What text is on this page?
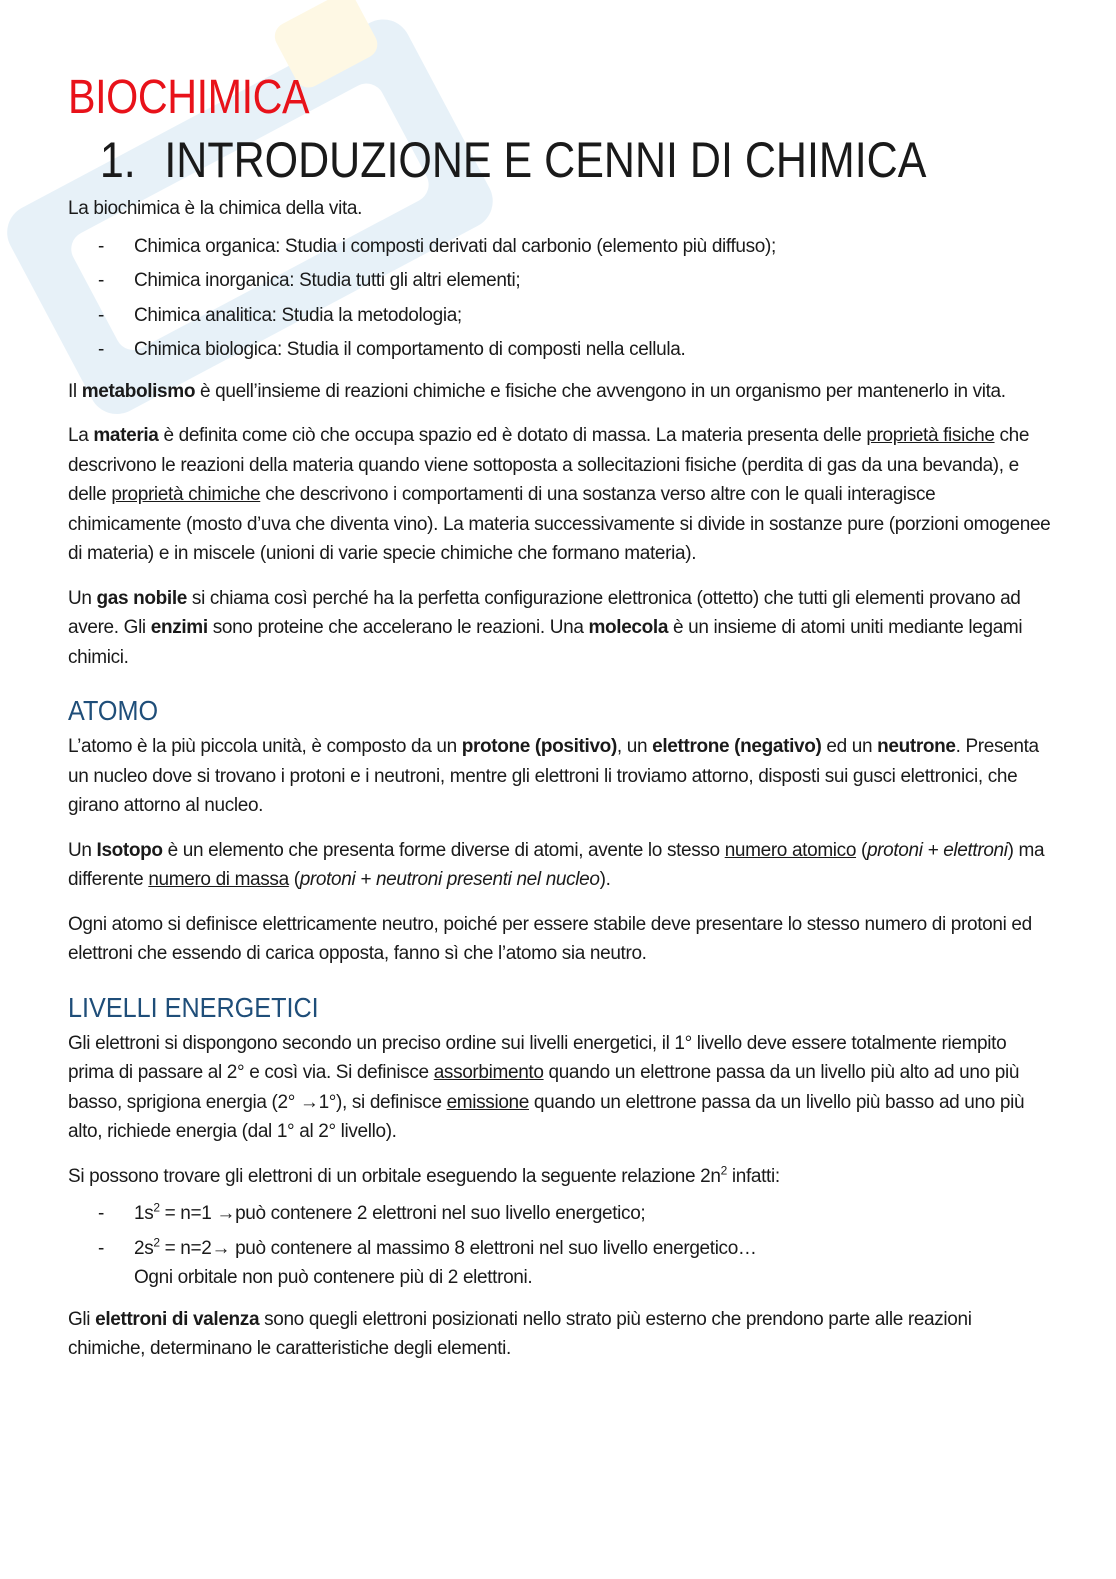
BIOCHIMICA
1. INTRODUZIONE E CENNI DI CHIMICA

La biochimica è la chimica della vita.

- Chimica organica: Studia i composti derivati dal carbonio (elemento più diffuso);
- Chimica inorganica: Studia tutti gli altri elementi;
- Chimica analitica: Studia la metodologia;
- Chimica biologica: Studia il comportamento di composti nella cellula.

Il metabolismo è quell’insieme di reazioni chimiche e fisiche che avvengono in un organismo per mantenerlo in vita.

La materia è definita come ciò che occupa spazio ed è dotato di massa. La materia presenta delle proprietà fisiche che descrivono le reazioni della materia quando viene sottoposta a sollecitazioni fisiche (perdita di gas da una bevanda), e delle proprietà chimiche che descrivono i comportamenti di una sostanza verso altre con le quali interagisce chimicamente (mosto d’uva che diventa vino). La materia successivamente si divide in sostanze pure (porzioni omogenee di materia) e in miscele (unioni di varie specie chimiche che formano materia).

Un gas nobile si chiama così perché ha la perfetta configurazione elettronica (ottetto) che tutti gli elementi provano ad avere. Gli enzimi sono proteine che accelerano le reazioni. Una molecola è un insieme di atomi uniti mediante legami chimici.

ATOMO

L’atomo è la più piccola unità, è composto da un protone (positivo), un elettrone (negativo) ed un neutrone. Presenta un nucleo dove si trovano i protoni e i neutroni, mentre gli elettroni li troviamo attorno, disposti sui gusci elettronici, che girano attorno al nucleo.

Un Isotopo è un elemento che presenta forme diverse di atomi, avente lo stesso numero atomico (protoni + elettroni) ma differente numero di massa (protoni + neutroni presenti nel nucleo).

Ogni atomo si definisce elettricamente neutro, poiché per essere stabile deve presentare lo stesso numero di protoni ed elettroni che essendo di carica opposta, fanno sì che l’atomo sia neutro.

LIVELLI ENERGETICI

Gli elettroni si dispongono secondo un preciso ordine sui livelli energetici, il 1° livello deve essere totalmente riempito prima di passare al 2° e così via. Si definisce assorbimento quando un elettrone passa da un livello più alto ad uno più basso, sprigiona energia (2° →1°), si definisce emissione quando un elettrone passa da un livello più basso ad uno più alto, richiede energia (dal 1° al 2° livello).

Si possono trovare gli elettroni di un orbitale eseguendo la seguente relazione $2n^2$ infatti:

- $1s^2 = n=1$ →può contenere 2 elettroni nel suo livello energetico;
- $2s^2 = n=2\to$ può contenere al massimo 8 elettroni nel suo livello energetico…
Ogni orbitale non può contenere più di 2 elettroni.

Gli elettroni di valenza sono quegli elettroni posizionati nello strato più esterno che prendono parte alle reazioni chimiche, determinano le caratteristiche degli elementi.
